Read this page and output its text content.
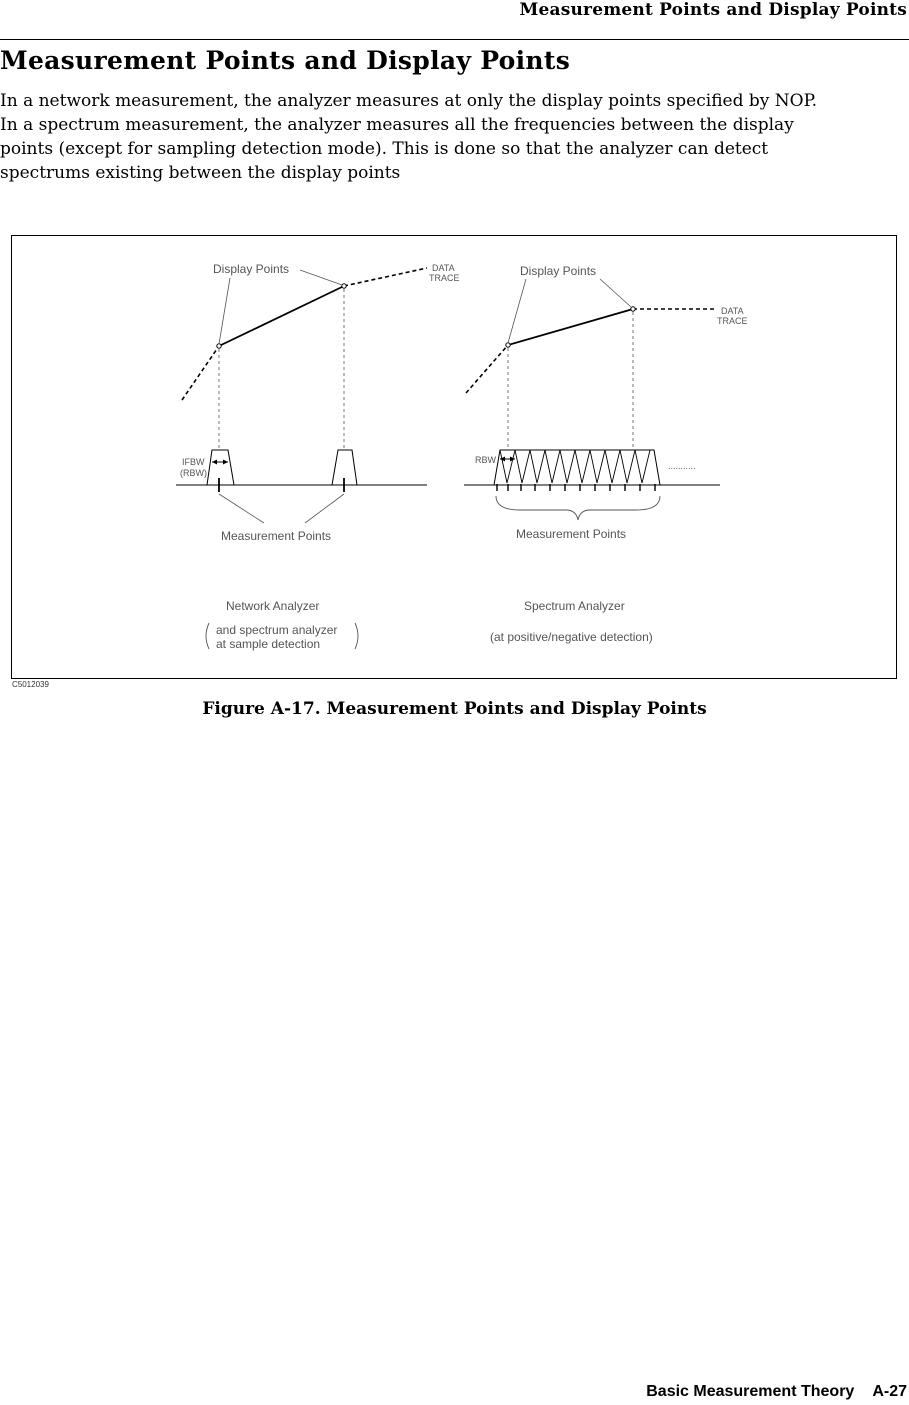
Measurement Points and Display Points
Measurement Points and Display Points
In a network measurement, the analyzer measures at only the display points specified by NOP.
In a spectrum measurement, the analyzer measures all the frequencies between the display
points (except for sampling detection mode). This is done so that the analyzer can detect
spectrums existing between the display points
Display Points	DATA
TRACE
IFBW
(RBW)
Measurement Points
Network Analyzer
and spectrum analyzer
at sample detection
Display Points
DATA
TRACE
RBW
...........
Measurement Points
Spectrum Analyzer
(at positive/negative detection)
C5012039
Figure A-17. Measurement Points and Display Points
Basic Measurement Theory A-27
